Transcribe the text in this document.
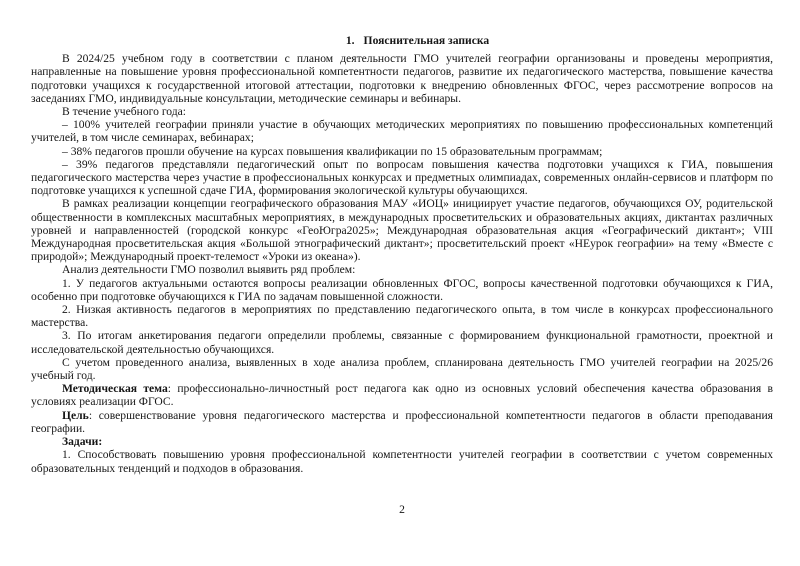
1. Пояснительная записка

В 2024/25 учебном году в соответствии с планом деятельности ГМО учителей географии организованы и проведены мероприятия, направленные на повышение уровня профессиональной компетентности педагогов, развитие их педагогического мастерства, повышение качества подготовки учащихся к государственной итоговой аттестации, подготовки к внедрению обновленных ФГОС, через рассмотрение вопросов на заседаниях ГМО, индивидуальные консультации, методические семинары и вебинары.

В течение учебного года:

– 100% учителей географии приняли участие в обучающих методических мероприятиях по повышению профессиональных компетенций учителей, в том числе семинарах, вебинарах;

– 38% педагогов прошли обучение на курсах повышения квалификации по 15 образовательным программам;

– 39% педагогов представляли педагогический опыт по вопросам повышения качества подготовки учащихся к ГИА, повышения педагогического мастерства через участие в профессиональных конкурсах и предметных олимпиадах, современных онлайн-сервисов и платформ по подготовке учащихся к успешной сдаче ГИА, формирования экологической культуры обучающихся.

В рамках реализации концепции географического образования МАУ «ИОЦ» инициирует участие педагогов, обучающихся ОУ, родительской общественности в комплексных масштабных мероприятиях, в международных просветительских и образовательных акциях, диктантах различных уровней и направленностей (городской конкурс «ГеоЮгра2025»; Международная образовательная акция «Географический диктант»; VIII Международная просветительская акция «Большой этнографический диктант»; просветительский проект «НЕурок географии» на тему «Вместе с природой»; Международный проект-телемост «Уроки из океана»).

Анализ деятельности ГМО позволил выявить ряд проблем:

1. У педагогов актуальными остаются вопросы реализации обновленных ФГОС, вопросы качественной подготовки обучающихся к ГИА, особенно при подготовке обучающихся к ГИА по задачам повышенной сложности.

2. Низкая активность педагогов в мероприятиях по представлению педагогического опыта, в том числе в конкурсах профессионального мастерства.

3. По итогам анкетирования педагоги определили проблемы, связанные с формированием функциональной грамотности, проектной и исследовательской деятельностью обучающихся.

С учетом проведенного анализа, выявленных в ходе анализа проблем, спланирована деятельность ГМО учителей географии на 2025/26 учебный год.

Методическая тема: профессионально-личностный рост педагога как одно из основных условий обеспечения качества образования в условиях реализации ФГОС.

Цель: совершенствование уровня педагогического мастерства и профессиональной компетентности педагогов в области преподавания географии.

Задачи:

1. Способствовать повышению уровня профессиональной компетентности учителей географии в соответствии с учетом современных образовательных тенденций и подходов в образования.

2
